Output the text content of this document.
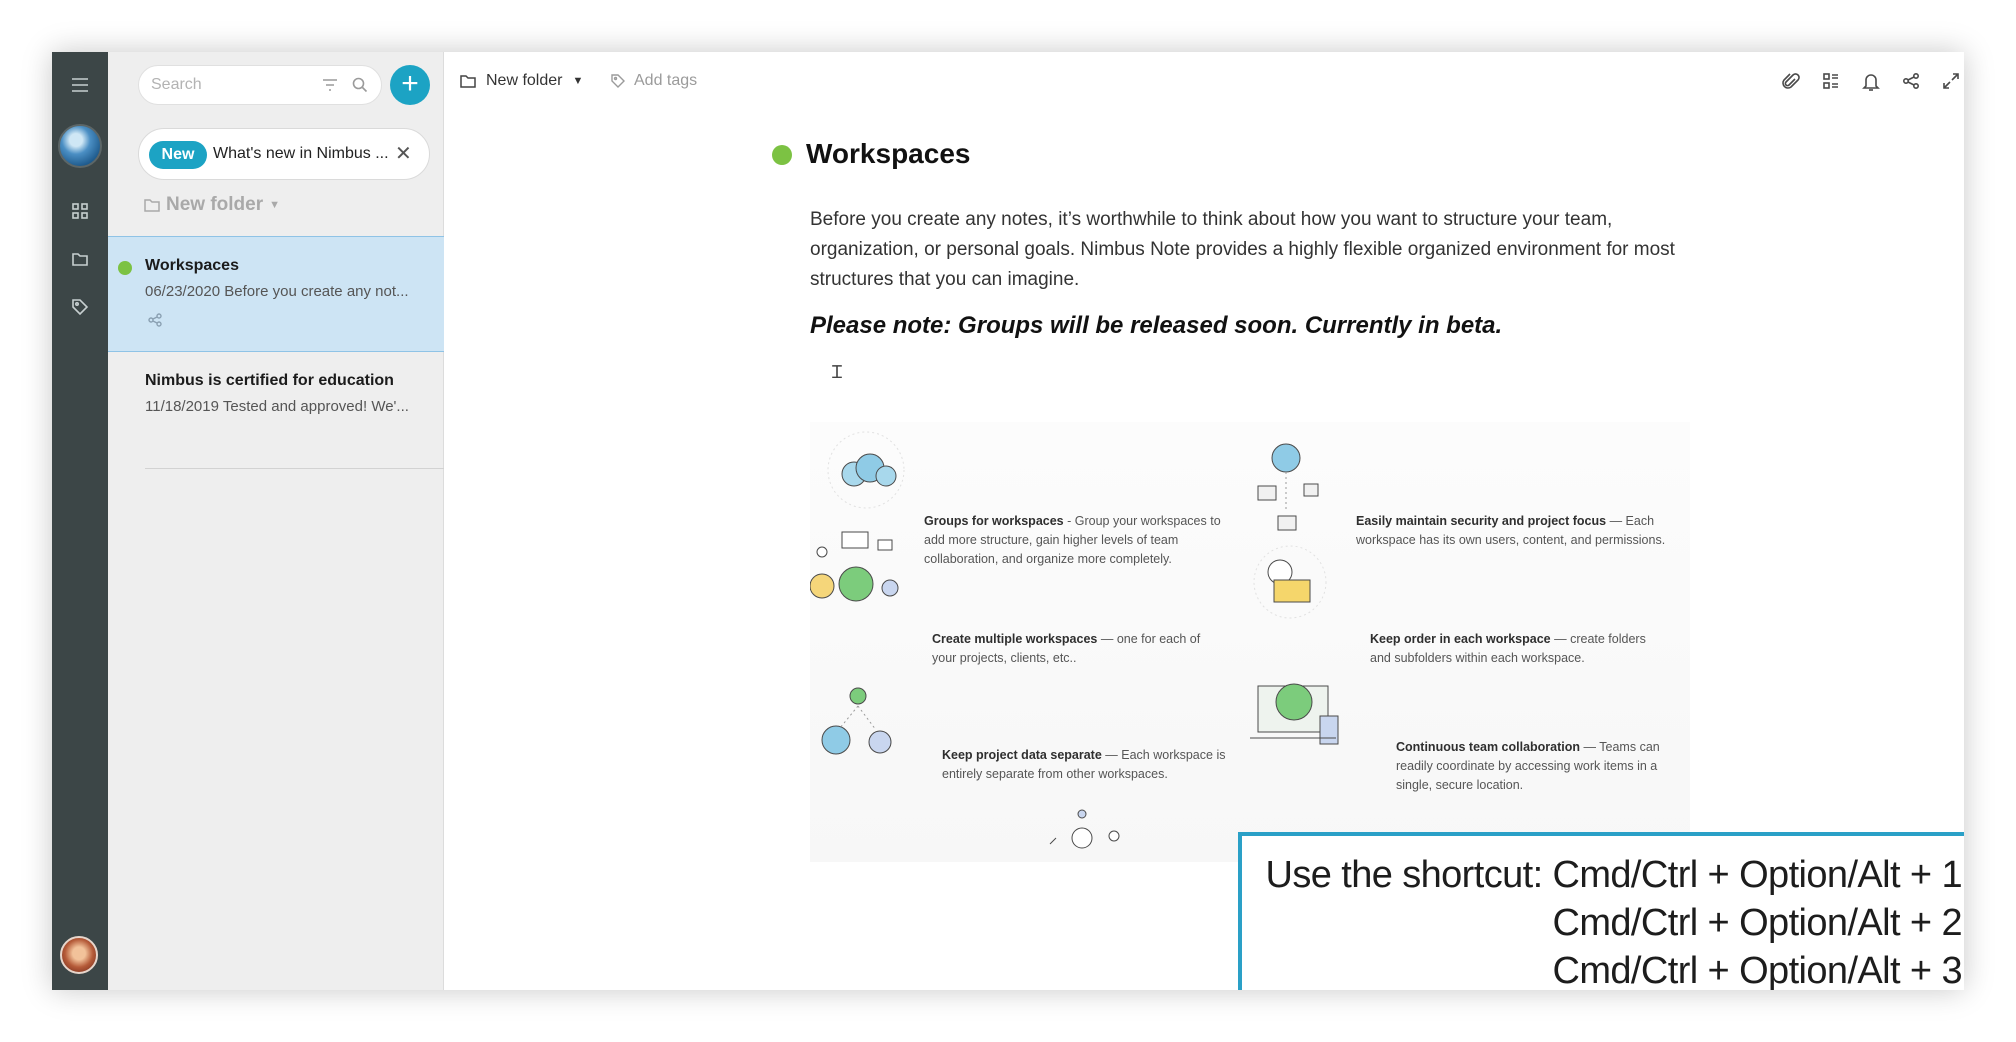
Search
+
New	What's new in Nimbus ... ✕
New folder ▼
Workspaces
06/23/2020 Before you create any not...
Nimbus is certified for education
11/18/2019 Tested and approved! We'...
New folder ▼	Add tags
Workspaces

Before you create any notes, it’s worthwhile to think about how you want to structure your team, organization, or personal goals. Nimbus Note provides a highly flexible organized environment for most structures that you can imagine.

Please note: Groups will be released soon. Currently in beta.

Ɪ
Groups for workspaces - Group your workspaces to add more structure, gain higher levels of team collaboration, and organize more completely.
Easily maintain security and project focus — Each workspace has its own users, content, and permissions.
Create multiple workspaces — one for each of your projects, clients, etc..
Keep order in each workspace — create folders and subfolders within each workspace.
Keep project data separate — Each workspace is entirely separate from other workspaces.
Continuous team collaboration — Teams can readily coordinate by accessing work items in a single, secure location.
Use the shortcut: Cmd/Ctrl + Option/Alt + 1
Cmd/Ctrl + Option/Alt + 2
Cmd/Ctrl + Option/Alt + 3
